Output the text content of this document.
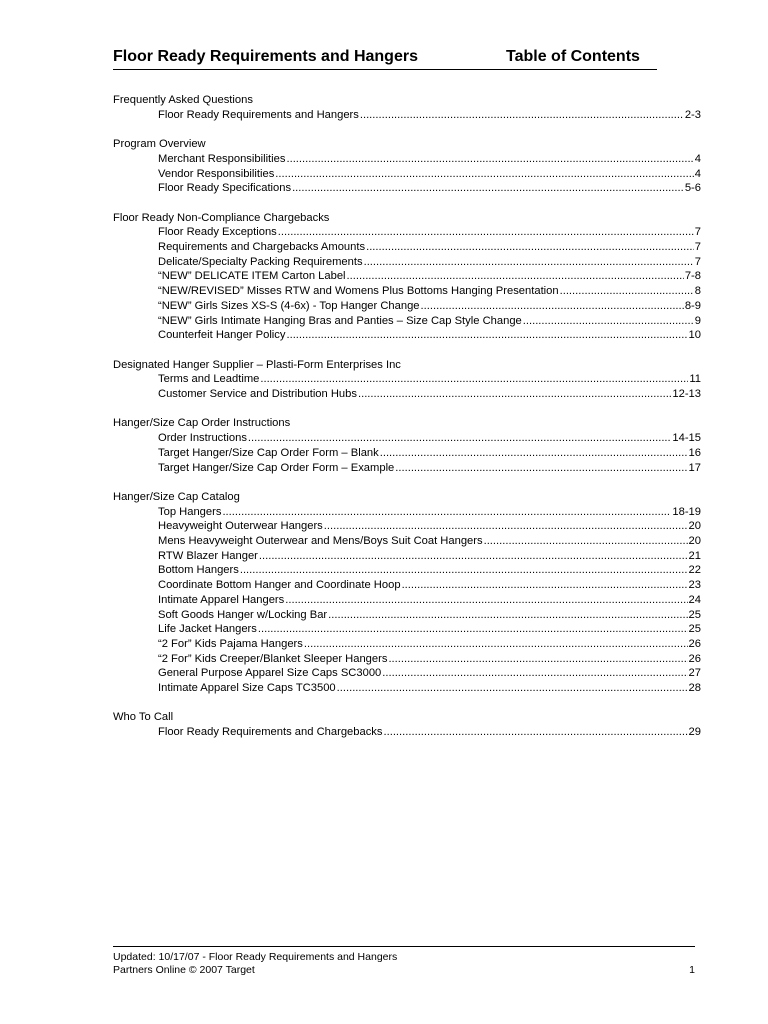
Floor Ready Requirements and Hangers	Table of Contents
Frequently Asked Questions
Floor Ready Requirements and Hangers .....	2-3
Program Overview
Merchant Responsibilities .....	4
Vendor Responsibilities .....	4
Floor Ready Specifications .....	5-6
Floor Ready Non-Compliance Chargebacks
Floor Ready Exceptions .....	7
Requirements and Chargebacks Amounts .....	7
Delicate/Specialty Packing Requirements .....	7
“NEW” DELICATE ITEM Carton Label .....	7-8
“NEW/REVISED” Misses RTW and Womens Plus Bottoms Hanging Presentation .....	8
“NEW” Girls Sizes XS-S (4-6x) - Top Hanger Change .....	8-9
“NEW” Girls Intimate Hanging Bras and Panties – Size Cap Style Change .....	9
Counterfeit Hanger Policy .....	10
Designated Hanger Supplier – Plasti-Form Enterprises Inc
Terms and Leadtime .....	11
Customer Service and Distribution Hubs .....	12-13
Hanger/Size Cap Order Instructions
Order Instructions .....	14-15
Target Hanger/Size Cap Order Form – Blank .....	16
Target Hanger/Size Cap Order Form – Example .....	17
Hanger/Size Cap Catalog
Top Hangers .....	18-19
Heavyweight Outerwear Hangers .....	20
Mens Heavyweight Outerwear and Mens/Boys Suit Coat Hangers .....	20
RTW Blazer Hanger .....	21
Bottom Hangers .....	22
Coordinate Bottom Hanger and Coordinate Hoop .....	23
Intimate Apparel Hangers .....	24
Soft Goods Hanger w/Locking Bar .....	25
Life Jacket Hangers .....	25
“2 For” Kids Pajama Hangers .....	26
“2 For” Kids Creeper/Blanket Sleeper Hangers .....	26
General Purpose Apparel Size Caps SC3000 .....	27
Intimate Apparel Size Caps TC3500 .....	28
Who To Call
Floor Ready Requirements and Chargebacks .....	29
Updated: 10/17/07 - Floor Ready Requirements and Hangers
Partners Online © 2007 Target	1
